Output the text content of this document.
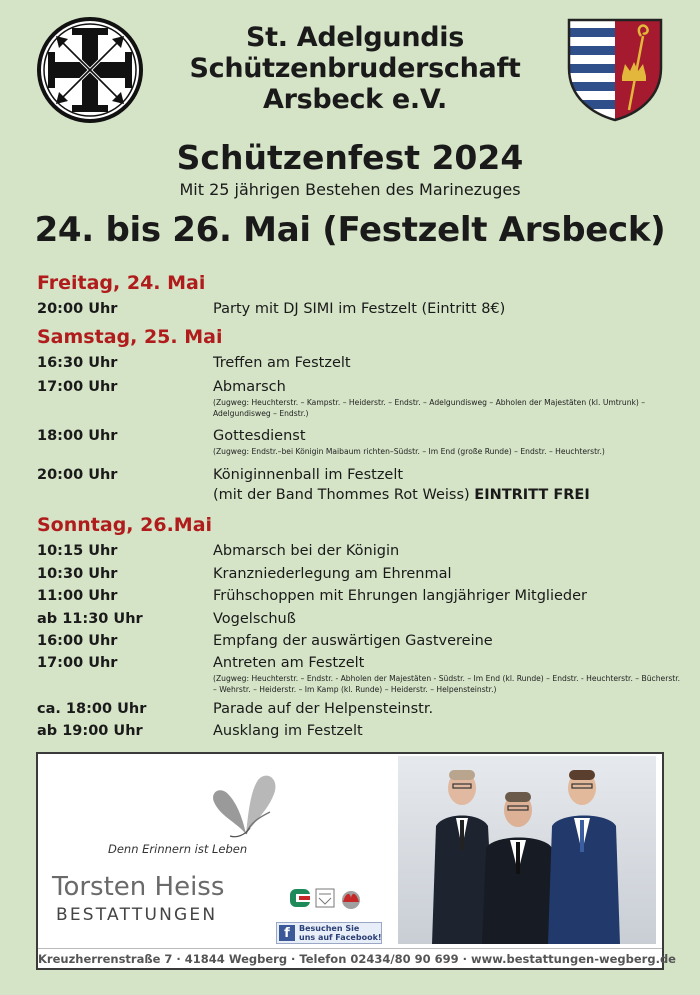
St. Adelgundis
Schützenbruderschaft
Arsbeck e.V.
Schützenfest 2024
Mit 25 jährigen Bestehen des Marinezuges
24. bis 26. Mai (Festzelt Arsbeck)
Freitag, 24. Mai
20:00 Uhr	Party mit DJ SIMI im Festzelt (Eintritt 8€)
Samstag, 25. Mai
16:30 Uhr	Treffen am Festzelt
17:00 Uhr	Abmarsch
(Zugweg: Heuchterstr. – Kampstr. – Heiderstr. – Endstr. – Adelgundisweg – Abholen der Majestäten (kl. Umtrunk) – Adelgundisweg – Endstr.)
18:00 Uhr	Gottesdienst
(Zugweg: Endstr.–bei Königin Maibaum richten–Südstr. – Im End (große Runde) – Endstr. – Heuchterstr.)
20:00 Uhr	Königinnenball im Festzelt
(mit der Band Thommes Rot Weiss) EINTRITT FREI
Sonntag, 26.Mai
10:15 Uhr	Abmarsch bei der Königin
10:30 Uhr	Kranzniederlegung am Ehrenmal
11:00 Uhr	Frühschoppen mit Ehrungen langjähriger Mitglieder
ab 11:30 Uhr	Vogelschuß
16:00 Uhr	Empfang der auswärtigen Gastvereine
17:00 Uhr	Antreten am Festzelt
(Zugweg: Heuchterstr. – Endstr. - Abholen der Majestäten - Südstr. – Im End (kl. Runde) – Endstr. - Heuchterstr. – Bücherstr. – Wehrstr. – Heiderstr. – Im Kamp (kl. Runde) – Heiderstr. – Helpensteinstr.)
ca. 18:00 Uhr	Parade auf der Helpensteinstr.
ab 19:00 Uhr	Ausklang im Festzelt
Denn Erinnern ist Leben
Torsten Heiss
BESTATTUNGEN
f	Besuchen Sie
uns auf Facebook!
Kreuzherrenstraße 7 · 41844 Wegberg · Telefon 02434/80 90 699 · www.bestattungen-wegberg.de
